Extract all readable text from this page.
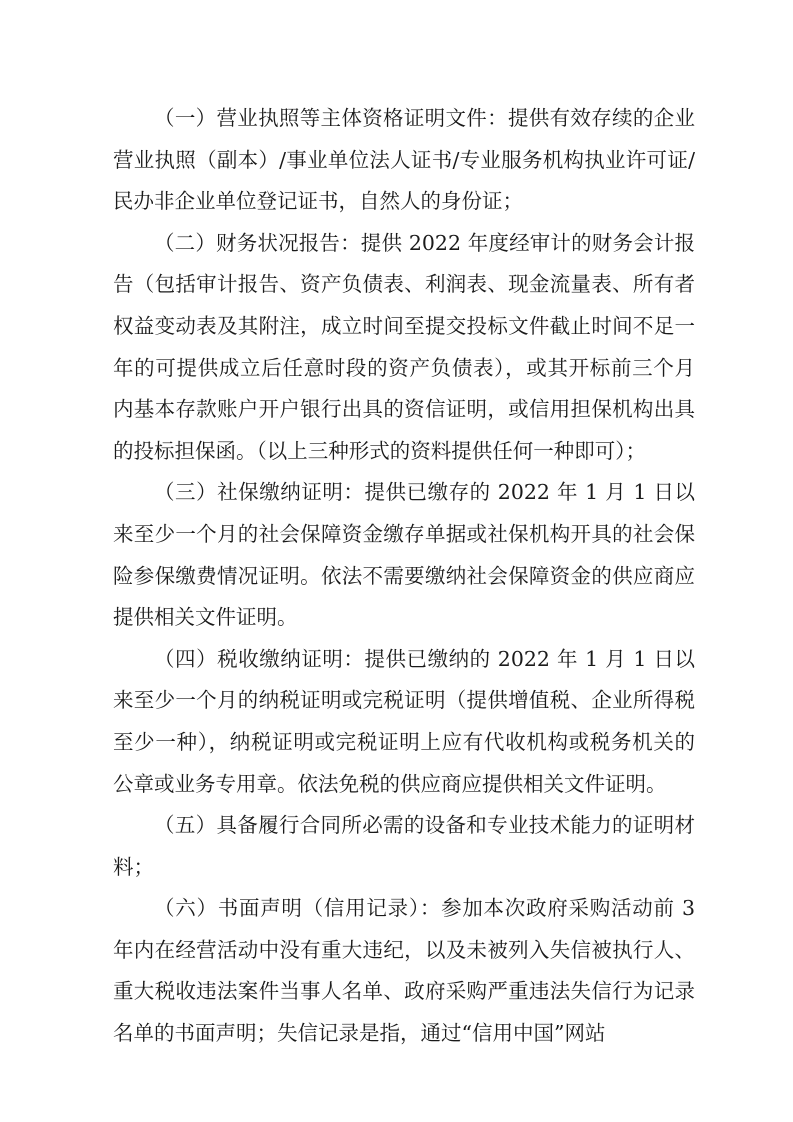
（一）营业执照等主体资格证明文件：提供有效存续的企业营业执照（副本）/事业单位法人证书/专业服务机构执业许可证/民办非企业单位登记证书，自然人的身份证；

（二）财务状况报告：提供 2022 年度经审计的财务会计报告（包括审计报告、资产负债表、利润表、现金流量表、所有者权益变动表及其附注，成立时间至提交投标文件截止时间不足一年的可提供成立后任意时段的资产负债表），或其开标前三个月内基本存款账户开户银行出具的资信证明，或信用担保机构出具的投标担保函。（以上三种形式的资料提供任何一种即可）；

（三）社保缴纳证明：提供已缴存的 2022 年 1 月 1 日以来至少一个月的社会保障资金缴存单据或社保机构开具的社会保险参保缴费情况证明。依法不需要缴纳社会保障资金的供应商应提供相关文件证明。

（四）税收缴纳证明：提供已缴纳的 2022 年 1 月 1 日以来至少一个月的纳税证明或完税证明（提供增值税、企业所得税至少一种），纳税证明或完税证明上应有代收机构或税务机关的公章或业务专用章。依法免税的供应商应提供相关文件证明。

（五）具备履行合同所必需的设备和专业技术能力的证明材料；

（六）书面声明（信用记录）：参加本次政府采购活动前 3 年内在经营活动中没有重大违纪，以及未被列入失信被执行人、重大税收违法案件当事人名单、政府采购严重违法失信行为记录名单的书面声明；失信记录是指，通过“信用中国”网站
